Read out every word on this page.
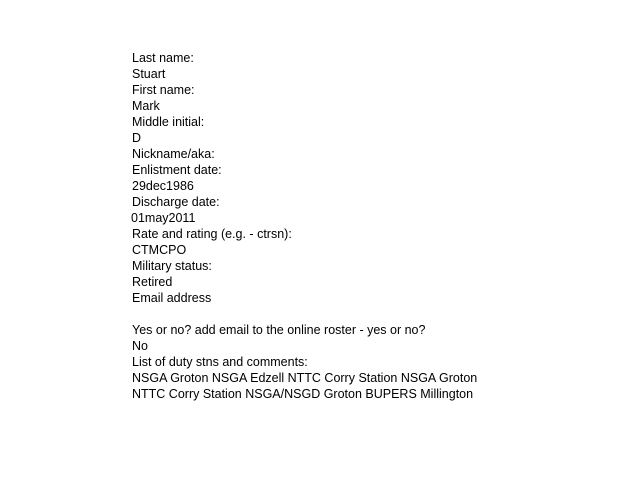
Last name:
Stuart
First name:
Mark
Middle initial:
D
Nickname/aka:
Enlistment date:
29dec1986
Discharge date:
01may2011
Rate and rating (e.g. - ctrsn):
CTMCPO
Military status:
Retired
Email address
Yes or no? add email to the online roster - yes or no?
No
List of duty stns and comments:
NSGA Groton NSGA Edzell NTTC Corry Station NSGA Groton
NTTC Corry Station NSGA/NSGD Groton BUPERS Millington
